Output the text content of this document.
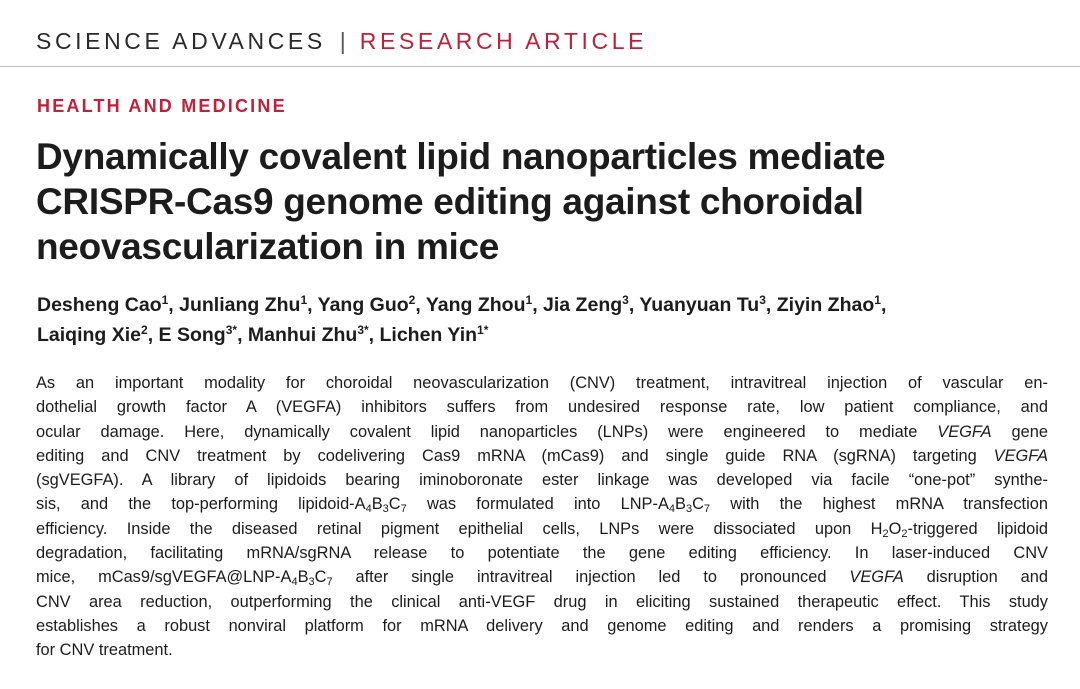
SCIENCE ADVANCES | RESEARCH ARTICLE
HEALTH AND MEDICINE
Dynamically covalent lipid nanoparticles mediate
CRISPR-Cas9 genome editing against choroidal
neovascularization in mice
Desheng Cao$^1$, Junliang Zhu$^1$, Yang Guo$^2$, Yang Zhou$^1$, Jia Zeng$^3$, Yuanyuan Tu$^3$, Ziyin Zhao$^1$,
Laiqing Xie$^2$, E Song$^{3*}$, Manhui Zhu$^{3*}$, Lichen Yin$^{1*}$
As an important modality for choroidal neovascularization (CNV) treatment, intravitreal injection of vascular en-
dothelial growth factor A (VEGFA) inhibitors suffers from undesired response rate, low patient compliance, and
ocular damage. Here, dynamically covalent lipid nanoparticles (LNPs) were engineered to mediate VEGFA gene
editing and CNV treatment by codelivering Cas9 mRNA (mCas9) and single guide RNA (sgRNA) targeting VEGFA
(sgVEGFA). A library of lipidoids bearing iminoboronate ester linkage was developed via facile “one-pot” synthe-
sis, and the top-performing lipidoid-$A_4B_3C_7$ was formulated into LNP-$A_4B_3C_7$ with the highest mRNA transfection
efficiency. Inside the diseased retinal pigment epithelial cells, LNPs were dissociated upon $H_2O_2$-triggered lipidoid
degradation, facilitating mRNA/sgRNA release to potentiate the gene editing efficiency. In laser-induced CNV
mice, $mCas9/sgVEGFA@LNP-A_4B_3C_7$ after single intravitreal injection led to pronounced VEGFA disruption and
CNV area reduction, outperforming the clinical anti-VEGF drug in eliciting sustained therapeutic effect. This study
establishes a robust nonviral platform for mRNA delivery and genome editing and renders a promising strategy
for CNV treatment.
